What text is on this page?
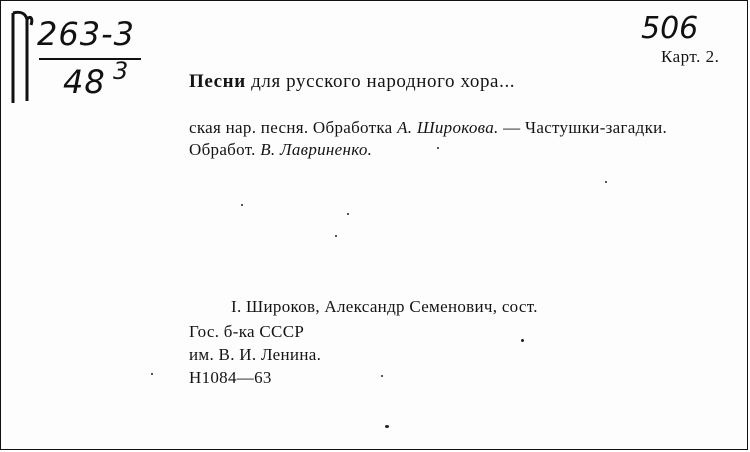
263-3
48 3
506
Карт. 2.
Песни для русского народного хора...
ская нар. песня. Обработка А. Широкова. — Частушки-загадки.
Обработ. В. Лавриненко.
I. Широков, Александр Семенович, сост.
Гос. б-ка СССР
им. В. И. Ленина.
Н1084—63
